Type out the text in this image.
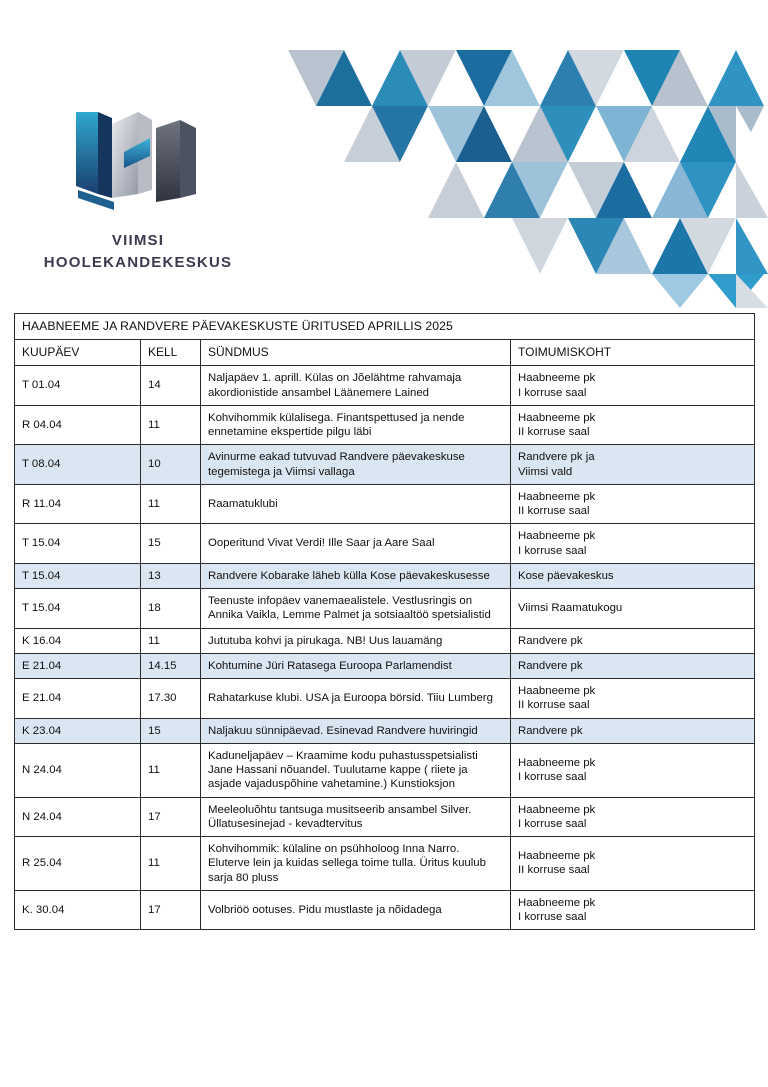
VIIMSI
HOOLEKANDEKESKUS
HAABNEEME JA RANDVERE PÄEVAKESKUSTE ÜRITUSED APRILLIS 2025			
KUUPÄEV	KELL	SÜNDMUS	TOIMUMISKOHT
T 01.04	14	Naljapäev 1. aprill. Külas on Jõelähtme rahvamaja akordionistide ansambel Läänemere Lained	Haabneeme pk
I korruse saal
R 04.04	11	Kohvihommik külalisega. Finantspettused ja nende ennetamine ekspertide pilgu läbi	Haabneeme pk
II korruse saal
T 08.04	10	Avinurme eakad tutvuvad Randvere päevakeskuse tegemistega ja Viimsi vallaga	Randvere pk ja
Viimsi vald
R 11.04	11	Raamatuklubi	Haabneeme pk
II korruse saal
T 15.04	15	Ooperitund Vivat Verdi! Ille Saar ja Aare Saal	Haabneeme pk
I korruse saal
T 15.04	13	Randvere Kobarake läheb külla Kose päevakeskusesse	Kose päevakeskus
T 15.04	18	Teenuste infopäev vanemaealistele. Vestlusringis on Annika Vaikla, Lemme Palmet ja sotsiaaltöö spetsialistid	Viimsi Raamatukogu
K 16.04	11	Jututuba kohvi ja pirukaga. NB! Uus lauamäng	Randvere pk
E 21.04	14.15	Kohtumine Jüri Ratasega Euroopa Parlamendist	Randvere pk
E 21.04	17.30	Rahatarkuse klubi. USA ja Euroopa börsid. Tiiu Lumberg	Haabneeme pk
II korruse saal
K 23.04	15	Naljakuu sünnipäevad. Esinevad Randvere huviringid	Randvere pk
N 24.04	11	Kaduneljapäev – Kraamime kodu puhastusspetsialisti Jane Hassani nõuandel. Tuulutame kappe ( riiete ja asjade vajaduspõhine vahetamine.) Kunstioksjon	Haabneeme pk
I korruse saal
N 24.04	17	Meeleoluõhtu tantsuga musitseerib ansambel Silver. Üllatusesinejad - kevadtervitus	Haabneeme pk
I korruse saal
R 25.04	11	Kohvihommik: külaline on psühholoog Inna Narro. Eluterve lein ja kuidas sellega toime tulla. Üritus kuulub sarja 80 pluss	Haabneeme pk
II korruse saal
K. 30.04	17	Volbriöö ootuses. Pidu mustlaste ja nõidadega	Haabneeme pk
I korruse saal
